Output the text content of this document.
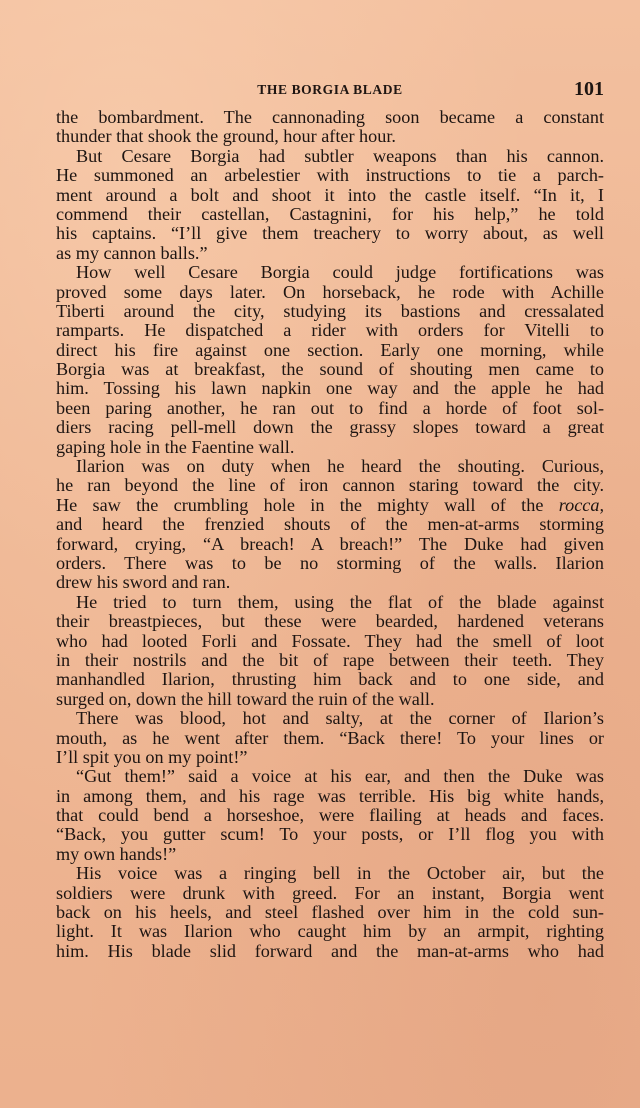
THE BORGIA BLADE	101
the bombardment. The cannonading soon became a constant
thunder that shook the ground, hour after hour.
But Cesare Borgia had subtler weapons than his cannon.
He summoned an arbelestier with instructions to tie a parch-
ment around a bolt and shoot it into the castle itself. “In it, I
commend their castellan, Castagnini, for his help,” he told
his captains. “I’ll give them treachery to worry about, as well
as my cannon balls.”
How well Cesare Borgia could judge fortifications was
proved some days later. On horseback, he rode with Achille
Tiberti around the city, studying its bastions and cressalated
ramparts. He dispatched a rider with orders for Vitelli to
direct his fire against one section. Early one morning, while
Borgia was at breakfast, the sound of shouting men came to
him. Tossing his lawn napkin one way and the apple he had
been paring another, he ran out to find a horde of foot sol-
diers racing pell-mell down the grassy slopes toward a great
gaping hole in the Faentine wall.
Ilarion was on duty when he heard the shouting. Curious,
he ran beyond the line of iron cannon staring toward the city.
He saw the crumbling hole in the mighty wall of the rocca,
and heard the frenzied shouts of the men-at-arms storming
forward, crying, “A breach! A breach!” The Duke had given
orders. There was to be no storming of the walls. Ilarion
drew his sword and ran.
He tried to turn them, using the flat of the blade against
their breastpieces, but these were bearded, hardened veterans
who had looted Forli and Fossate. They had the smell of loot
in their nostrils and the bit of rape between their teeth. They
manhandled Ilarion, thrusting him back and to one side, and
surged on, down the hill toward the ruin of the wall.
There was blood, hot and salty, at the corner of Ilarion’s
mouth, as he went after them. “Back there! To your lines or
I’ll spit you on my point!”
“Gut them!” said a voice at his ear, and then the Duke was
in among them, and his rage was terrible. His big white hands,
that could bend a horseshoe, were flailing at heads and faces.
“Back, you gutter scum! To your posts, or I’ll flog you with
my own hands!”
His voice was a ringing bell in the October air, but the
soldiers were drunk with greed. For an instant, Borgia went
back on his heels, and steel flashed over him in the cold sun-
light. It was Ilarion who caught him by an armpit, righting
him. His blade slid forward and the man-at-arms who had
